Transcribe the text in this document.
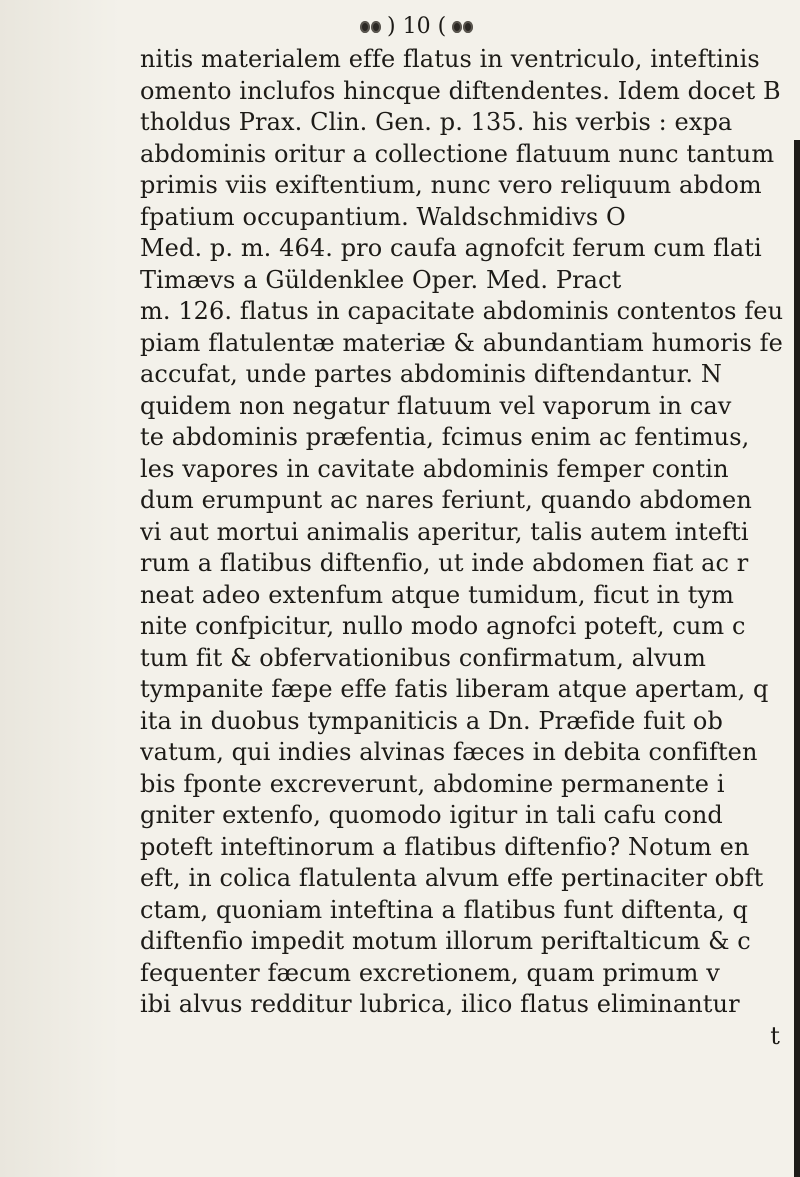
) 10 (
nitis materialem effe flatus in ventriculo, inteftinis
omento inclufos hincque diftendentes. Idem docet B
tholdus Prax. Clin. Gen. p. 135. his verbis : expa
abdominis oritur a collectione flatuum nunc tantum
primis viis exiftentium, nunc vero reliquum abdom
fpatium occupantium. Waldschmidivs O
Med. p. m. 464. pro caufa agnofcit ferum cum flati
Timævs a Güldenklee Oper. Med. Pract
m. 126. flatus in capacitate abdominis contentos feu
piam flatulentæ materiæ & abundantiam humoris fe
accufat, unde partes abdominis diftendantur. N
quidem non negatur flatuum vel vaporum in cav
te abdominis præfentia, fcimus enim ac fentimus,
les vapores in cavitate abdominis femper contin
dum erumpunt ac nares feriunt, quando abdomen
vi aut mortui animalis aperitur, talis autem intefti
rum a flatibus diftenfio, ut inde abdomen fiat ac r
neat adeo extenfum atque tumidum, ficut in tym
nite confpicitur, nullo modo agnofci poteft, cum c
tum fit & obfervationibus confirmatum, alvum
tympanite fæpe effe fatis liberam atque apertam, q
ita in duobus tympaniticis a Dn. Præfide fuit ob
vatum, qui indies alvinas fæces in debita confiften
bis fponte excreverunt, abdomine permanente i
gniter extenfo, quomodo igitur in tali cafu cond
poteft inteftinorum a flatibus diftenfio? Notum en
eft, in colica flatulenta alvum effe pertinaciter obft
ctam, quoniam inteftina a flatibus funt diftenta, q
diftenfio impedit motum illorum periftalticum & c
fequenter fæcum excretionem, quam primum v
ibi alvus redditur lubrica, ilico flatus eliminantur
t
